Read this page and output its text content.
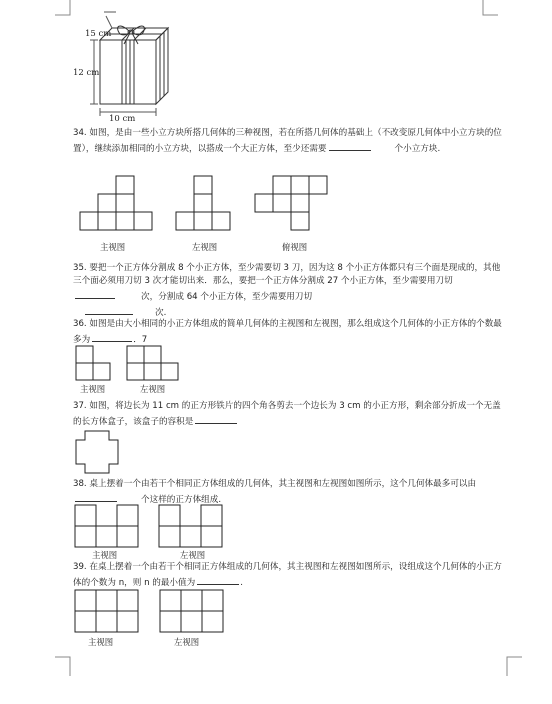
15 cm
12 cm
10 cm
34. 如图，是由一些小立方块所搭几何体的三种视图，若在所搭几何体的基础上（不改变原几何体中小立方块的位置），继续添加相同的小立方块，以搭成一个大正方体，至少还需要	个小立方块.
主视图	左视图	俯视图
35. 要把一个正方体分割成 8 个小正方体，至少需要切 3 刀，因为这 8 个小正方体都只有三个面是现成的，其他三个面必须用刀切 3 次才能切出来．那么，要把一个正方体分割成 27 个小正方体，至少需要用刀切次，分割成 64 个小正方体，至少需要用刀切
次.
36. 如图是由大小相同的小正方体组成的简单几何体的主视图和左视图，那么组成这个几何体的小正方体的个数最多为	．7
主视图	左视图
37. 如图，将边长为 11 cm 的正方形铁片的四个角各剪去一个边长为 3 cm 的小正方形，剩余部分折成一个无盖的长方体盒子，该盒子的容积是
38. 桌上摆着一个由若干个相同正方体组成的几何体，其主视图和左视图如图所示，这个几何体最多可以由个这样的正方体组成.
主视图	左视图
39. 在桌上摆着一个由若干个相同正方体组成的几何体，其主视图和左视图如图所示，设组成这个几何体的小正方体的个数为 n，则 n 的最小值为	.
主视图	左视图
